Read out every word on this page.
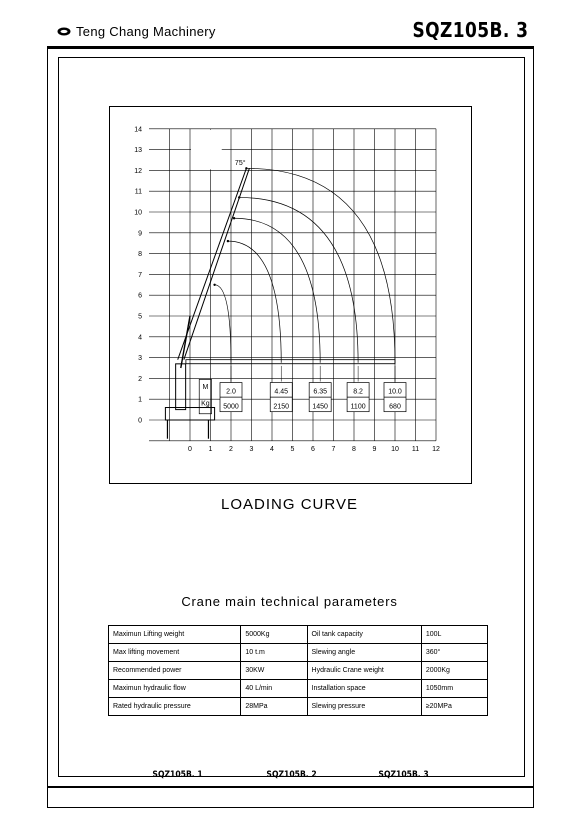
Teng Chang Machinery	SQZ105B. 3
0
1
2
3
4
5
6
7
8
9
10
11
12
13
14
0 1 2 3 4 5 6 7 8 9 10 11 12
75°
M
Kg
2.0
5000
4.45
2150
6.35
1450
8.2
1100
10.0
680
LOADING CURVE
Crane main technical parameters
Maximun Lifting weight	5000Kg	Oil tank capacity	100L
Max lifting movement	10 t.m	Slewing angle	360°
Recommended power	30KW	Hydraulic Crane weight	2000Kg
Maximun hydraulic flow	40 L/min	Installation space	1050mm
Rated hydraulic pressure	28MPa	Slewing pressure	≥20MPa
SQZ105B. 1	SQZ105B. 2	SQZ105B. 3
